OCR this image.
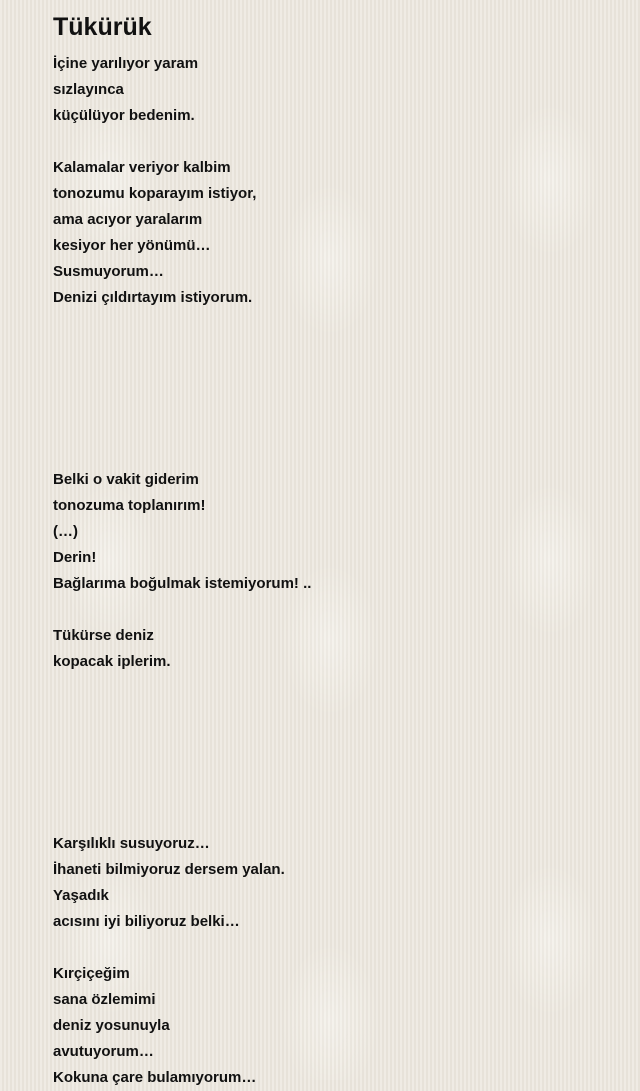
Tükürük
İçine yarılıyor yaram
sızlayınca
küçülüyor bedenim.
Kalamalar veriyor kalbim
tonozumu koparayım istiyor,
ama acıyor yaralarım
kesiyor her yönümü…
Susmuyorum…
Denizi çıldırtayım istiyorum.
Belki o vakit giderim
tonozuma toplanırım!
(…)
Derin!
Bağlarıma boğulmak istemiyorum! ..
Tükürse deniz
kopacak iplerim.
Karşılıklı susuyoruz…
İhaneti bilmiyoruz dersem yalan.
Yaşadık
acısını iyi biliyoruz belki…
Kırçiçeğim
sana özlemimi
deniz yosunuyla
avutuyorum…
Kokuna çare bulamıyorum…
